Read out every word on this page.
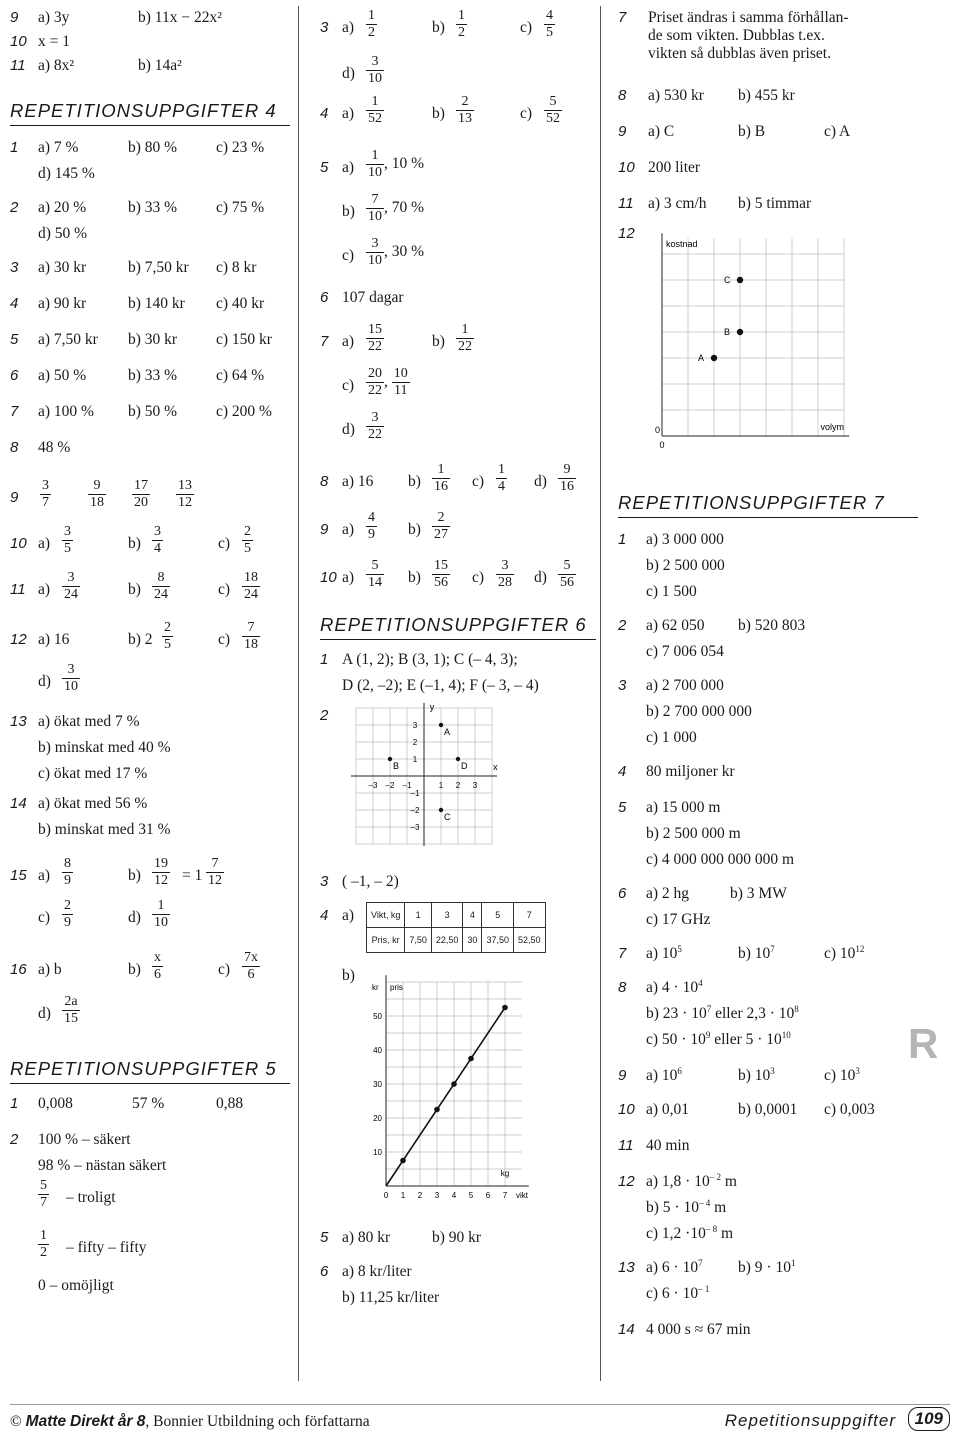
9 a) 3y	b) 11x − 22x²
10 x = 1
11 a) 8x²	b) 14a²
REPETITIONSUPPGIFTER 4
1 a) 7 %	b) 80 %	c) 23 %
d) 145 %
2 a) 20 %	b) 33 %	c) 75 %
d) 50 %
3 a) 30 kr	b) 7,50 kr c) 8 kr
4 a) 90 kr	b) 140 kr c) 40 kr
5 a) 7,50 kr b) 30 kr	c) 150 kr
6 a) 50 %	b) 33 %	c) 64 %
7 a) 100 % b) 50 %	c) 200 %
8 48 %
$9 \frac{3}{7}$	$\frac{9}{18} \frac{17}{20} \frac{13}{12}$
10 $a) \frac{3}{5}$	$b) \frac{3}{4}$	$c) \frac{2}{5}$
11 $a) \frac{3}{24}$	$b) \frac{8}{24}$	$c) \frac{18}{24}$
12 a) 16	b) $2 \frac{2}{5}$	$c) \frac{7}{18}$
$d) \frac{3}{10}$
13 a) ökat med 7 %
b) minskat med 40 %
c) ökat med 17 %
14 a) ökat med 56 %
b) minskat med 31 %
15 $a) \frac{8}{9}$	$b) \frac{19}{12} = 1 \frac{7}{12}$
$c) \frac{2}{9}$	$d) \frac{1}{10}$
16 a) b	$b) \frac{x}{6}$	$c) \frac{7x}{6}$
$d) \frac{2a}{15}$
REPETITIONSUPPGIFTER 5
1 0,008	57 %	0,88
2 100 % – säkert
98 % – nästan säkert
$\frac{5}{7}$ – troligt
$\frac{1}{2}$ – fifty – fifty
0 – omöjligt
3 $a) \frac{1}{2}$	$b) \frac{1}{2}$	$c) \frac{4}{5}$
$d) \frac{3}{10}$
4 $a) \frac{1}{52}$	$b) \frac{2}{13}$	$c) \frac{5}{52}$
5 $a) \frac{1}{10}$ , 10 %
$b) \frac{7}{10}$ , 70 %
$c) \frac{3}{10}$ , 30 %
6 107 dagar
7 $a) \frac{15}{22}$	$b) \frac{1}{22}$
$c) \frac{20}{22}$ , $\frac{10}{11}$
$d) \frac{3}{22}$
8 a) 16 $b) \frac{1}{16} c) \frac{1}{4} d) \frac{9}{16}$
9 $a) \frac{4}{9} b) \frac{2}{27}$
10 $a) \frac{5}{14} b) \frac{15}{56} c) \frac{3}{28} d) \frac{5}{56}$
REPETITIONSUPPGIFTER 6
1 A (1, 2); B (3, 1); C (– 4, 3);
D (2, –2); E (–1, 4); F (– 3, – 4)
2	y
x
3
2
1
–1
–2
–3
–3 –2 –1	1 2 3
A
B
C
D
3 ( –1, – 2)
4 a) Vikt, kg	1	3	4	5	7
Pris, kr	7,50	22,50	30	37,50	52,50
b)
kr pris
50
40
30
20
10
0 1 2 3 4 5 6 7
kg
vikt
5 a) 80 kr	b) 90 kr
6 a) 8 kr/liter
b) 11,25 kr/liter
7 Priset ändras i samma förhållan-
de som vikten. Dubblas t.ex.
vikten så dubblas även priset.
8 a) 530 kr b) 455 kr
9 a) C	b) B	c) A
10 200 liter
11 a) 3 cm/h b) 5 timmar
12
kostnad
volym
0
0
A
B
C
REPETITIONSUPPGIFTER 7
1 a) 3 000 000
b) 2 500 000
c) 1 500
2 a) 62 050 b) 520 803
c) 7 006 054
3 a) 2 700 000
b) 2 700 000 000
c) 1 000
4 80 miljoner kr
5 a) 15 000 m
b) 2 500 000 m
c) 4 000 000 000 000 m
6 a) 2 hg	b) 3 MW
c) 17 GHz
7 a) $10^5$	b) $10^7$	c) $10^{12}$
8 a) $4 \cdot 10^4$
b) $23 \cdot 10^7$ eller $2,3 \cdot 10^8$
c) $50 \cdot 10^9$ eller $5 \cdot 10^{10}$
9 a) $10^6$	b) $10^3$	c) $10^3$
10 a) 0,01	b) 0,0001 c) 0,003
11 40 min
12 a) $1,8 \cdot 10^{- 2}$ m
b) $5 \cdot 10^{- 4}$ m
c) $1,2 \cdot 10^{- 8}$ m
13 a) $6 \cdot 10^7$ b) $9 \cdot 10^1$
c) $6 \cdot 10^{- 1}$
14 4 000 s ≈ 67 min
R
© Matte Direkt år 8, Bonnier Utbildning och författarna	Repetitionsuppgifter	109
